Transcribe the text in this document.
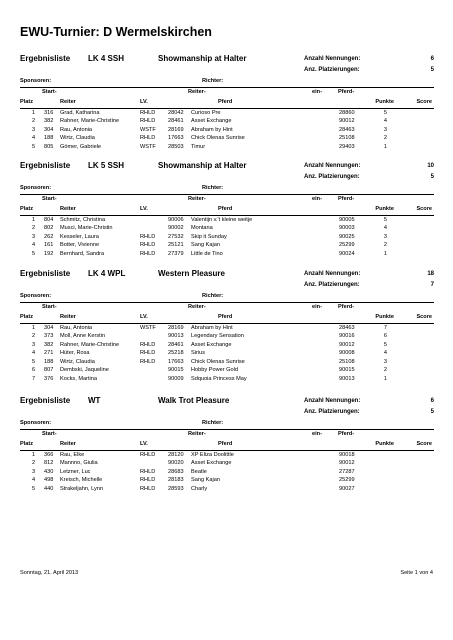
EWU-Turnier: D Wermelskirchen
Ergebnisliste LK 4 SSH	Showmanship at Halter	Anzahl Nennungen:	6
Anz. Platzierungen:	5
Sponsoren:	Richter:
Start-	Reiter-	ein-	Pferd-
Platz	Reiter	LV.	Pferd	Punkte	Score
1 316 Grad, Katharina	RHLD 28042 Curioso Pre	28860	5
2 382 Rahner, Marie-Christine	RHLD 28461 Asset Exchange	90012	4
3 304 Rau, Antonia	WSTF 28169 Abraham by Hint	28463	3
4 188 Wirtz, Claudia	RHLD 17663 Chick Olenas Sunrise	25108	2
5 805 Gömer, Gabriele	WSTF 28503 Timur	29403	1
Ergebnisliste LK 5 SSH	Showmanship at Halter	Anzahl Nennungen:	10
Anz. Platzierungen:	5
Sponsoren:	Richter:
Start-	Reiter-	ein-	Pferd-
Platz	Reiter	LV.	Pferd	Punkte	Score
1 804 Schmitz, Christina	90006 Valentijn v.'t kleine weitje	90005	5
2 802 Musci, Marie-Christin	90002 Montana	90003	4
3 262 Kesseler, Laura	RHLD 27532 Skip it Sunday	90025	3
4 161 Botter, Vivienne	RHLD 25121 Sang Kajan	25299	2
5 192 Bernhard, Sandra	RHLD 27379 Little de Tino	90024	1
Ergebnisliste LK 4 WPL	Western Pleasure	Anzahl Nennungen:	18
Anz. Platzierungen:	7
Sponsoren:	Richter:
Start-	Reiter-	ein-	Pferd-
Platz	Reiter	LV.	Pferd	Punkte	Score
1 304 Rau, Antonia	WSTF 28169 Abraham by Hint	28463	7
2 373 Moll, Anne Kerstin	90013 Legendary Sensation	90016	6
3 382 Rahner, Marie-Christine	RHLD 28461 Asset Exchange	90012	5
4 271 Hüter, Rosa	RHLD 25218 Sirius	90008	4
5 188 Wirtz, Claudia	RHLD 17663 Chick Olenas Sunrise	25108	3
6 807 Dembski, Jaqueline	90015 Hobby Power Gold	90015	2
7 376 Kocks, Martina	90009 Sdquoia Princess May	90013	1
Ergebnisliste WT	Walk Trot Pleasure	Anzahl Nennungen:	6
Anz. Platzierungen:	5
Sponsoren:	Richter:
Start-	Reiter-	ein-	Pferd-
Platz	Reiter	LV.	Pferd	Punkte	Score
1 366 Rau, Elke	RHLD 28120 XP Eliza Doolittle	90018
2 812 Mannno, Giulia	90020 Asset Exchange	90012
3 430 Letzner, Luc	RHLD 28683 Beatle	27287
4 498 Kreisch, Michelle	RHLD 28183 Sang Kajan	25299
5 440 Strakeljahn, Lynn	RHLD 28593 Charly	90027
Sonntag, 21. April 2013	Seite 1 von 4
